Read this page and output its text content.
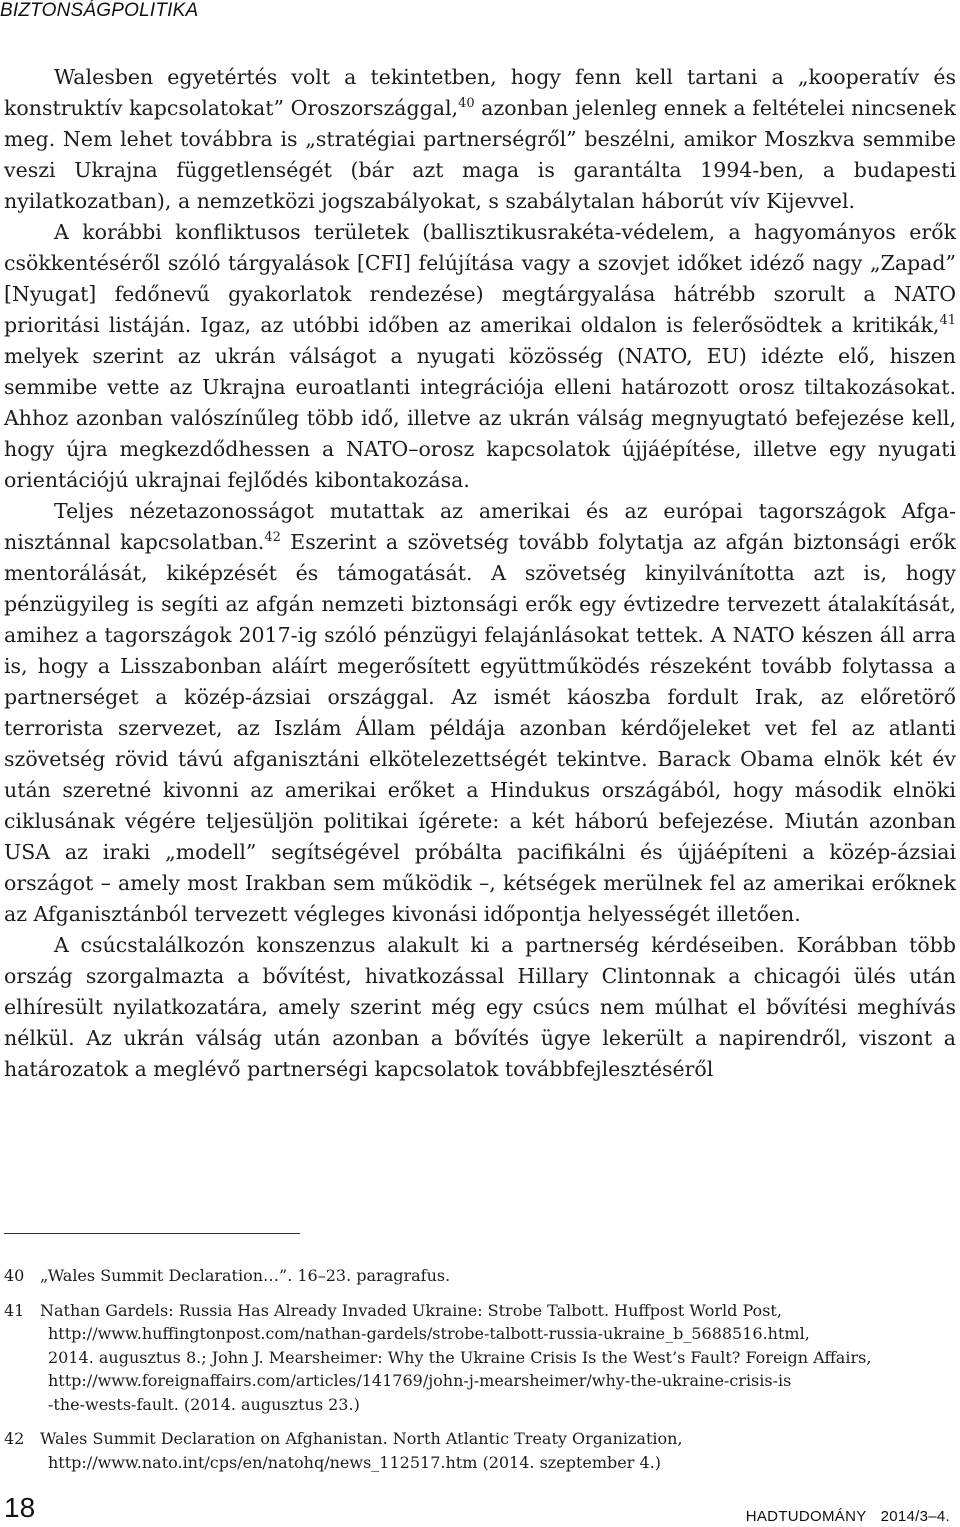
BIZTONSÁGPOLITIKA

Walesben egyetértés volt a tekintetben, hogy fenn kell tartani a „kooperatív és konstruktív kapcsolatokat” Oroszországgal,$^{40}$ azonban jelenleg ennek a feltételei nincsenek meg. Nem lehet továbbra is „stratégiai partnerségről” beszélni, amikor Moszkva semmibe veszi Ukrajna függetlenségét (bár azt maga is garantálta 1994-ben, a budapesti nyilatkozatban), a nemzetközi jogszabályokat, s szabálytalan háborút vív Kijevvel.

A korábbi konfliktusos területek (ballisztikusrakéta-védelem, a hagyományos erők csökkentéséről szóló tárgyalások [CFI] felújítása vagy a szovjet időket idéző nagy „Zapad” [Nyugat] fedőnevű gyakorlatok rendezése) megtárgyalása hátrébb szorult a NATO prioritási listáján. Igaz, az utóbbi időben az amerikai oldalon is felerősödtek a kritikák,$^{41}$ melyek szerint az ukrán válságot a nyugati közösség (NATO, EU) idézte elő, hiszen semmibe vette az Ukrajna euroatlanti integrációja elleni határozott orosz tiltakozásokat. Ahhoz azonban valószínűleg több idő, illetve az ukrán válság megnyugtató befejezése kell, hogy újra megkezdődhessen a NATO–orosz kapcsolatok újjáépítése, illetve egy nyugati orientációjú ukrajnai fejlődés kibontakozása.

Teljes nézetazonosságot mutattak az amerikai és az európai tagországok Afganisztánnal kapcsolatban.$^{42}$ Eszerint a szövetség tovább folytatja az afgán biztonsági erők mentorálását, kiképzését és támogatását. A szövetség kinyilvánította azt is, hogy pénzügyileg is segíti az afgán nemzeti biztonsági erők egy évtizedre tervezett átalakítását, amihez a tagországok 2017-ig szóló pénzügyi felajánlásokat tettek. A NATO készen áll arra is, hogy a Lisszabonban aláírt megerősített együttműködés részeként tovább folytassa a partnerséget a közép-ázsiai országgal. Az ismét káoszba fordult Irak, az előretörő terrorista szervezet, az Iszlám Állam példája azonban kérdőjeleket vet fel az atlanti szövetség rövid távú afganisztáni elkötelezettségét tekintve. Barack Obama elnök két év után szeretné kivonni az amerikai erőket a Hindukus országából, hogy második elnöki ciklusának végére teljesüljön politikai ígérete: a két háború befejezése. Miután azonban USA az iraki „modell” segítségével próbálta pacifikálni és újjáépíteni a közép-ázsiai országot – amely most Irakban sem működik –, kétségek merülnek fel az amerikai erőknek az Afganisztánból tervezett végleges kivonási időpontja helyességét illetően.

A csúcstalálkozón konszenzus alakult ki a partnerség kérdéseiben. Korábban több ország szorgalmazta a bővítést, hivatkozással Hillary Clintonnak a chicagói ülés után elhíresült nyilatkozatára, amely szerint még egy csúcs nem múlhat el bővítési meghívás nélkül. Az ukrán válság után azonban a bővítés ügye lekerült a napirendről, viszont a határozatok a meglévő partnerségi kapcsolatok továbbfejlesztéséről

40 „Wales Summit Declaration…”. 16–23. paragrafus.
41 Nathan Gardels: Russia Has Already Invaded Ukraine: Strobe Talbott. Huffpost World Post,
http://www.huffingtonpost.com/nathan-gardels/strobe-talbott-russia-ukraine_b_5688516.html,
2014. augusztus 8.; John J. Mearsheimer: Why the Ukraine Crisis Is the West’s Fault? Foreign Affairs,
http://www.foreignaffairs.com/articles/141769/john-j-mearsheimer/why-the-ukraine-crisis-is
-the-wests-fault. (2014. augusztus 23.)
42 Wales Summit Declaration on Afghanistan. North Atlantic Treaty Organization,
http://www.nato.int/cps/en/natohq/news_112517.htm (2014. szeptember 4.)
18	HADTUDOMÁNY 2014/3–4.
